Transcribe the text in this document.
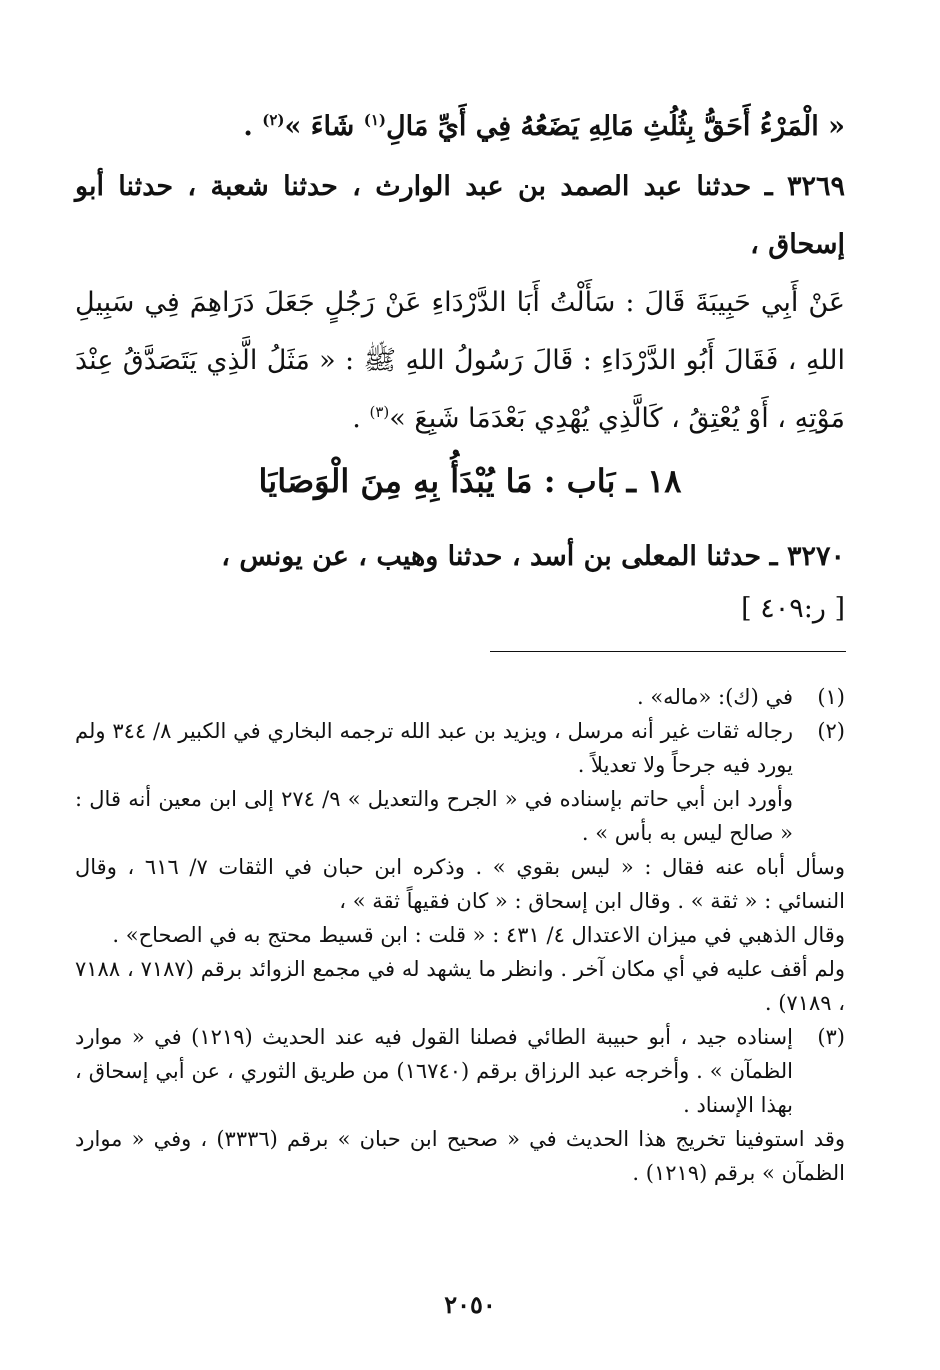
« الْمَرْءُ أَحَقُّ بِثُلُثِ مَالِهِ يَضَعُهُ فِي أَيِّ مَالِ$^{(١)}$ شَاءَ »$^{(٢)}$ .
٣٢٦٩ ـ حدثنا عبد الصمد بن عبد الوارث ، حدثنا شعبة ، حدثنا أبو إسحاق ،
عَنْ أَبِي حَبِيبَةَ قَالَ : سَأَلْتُ أَبَا الدَّرْدَاءِ عَنْ رَجُلٍ جَعَلَ دَرَاهِمَ فِي سَبِيلِ اللهِ ، فَقَالَ أَبُو الدَّرْدَاءِ : قَالَ رَسُولُ اللهِ ﷺ : « مَثَلُ الَّذِي يَتَصَدَّقُ عِنْدَ مَوْتِهِ ، أَوْ يُعْتِقُ ، كَالَّذِي يُهْدِي بَعْدَمَا شَبِعَ »$^{(٣)}$ .
١٨ ـ بَاب : مَا يُبْدَأُ بِهِ مِنَ الْوَصَايَا
٣٢٧٠ ـ حدثنا المعلى بن أسد ، حدثنا وهيب ، عن يونس ،
[ ر:٤٠٩ ]
(١)
في (ك): «ماله» .
(٢)
رجاله ثقات غير أنه مرسل ، ويزيد بن عبد الله ترجمه البخاري في الكبير ٨/ ٣٤٤ ولم يورد فيه جرحاً ولا تعديلاً .
وأورد ابن أبي حاتم بإسناده في « الجرح والتعديل » ٩/ ٢٧٤ إلى ابن معين أنه قال : « صالح ليس به بأس » .
وسأل أباه عنه فقال : « ليس بقوي » . وذكره ابن حبان في الثقات ٧/ ٦١٦ ، وقال النسائي : « ثقة » . وقال ابن إسحاق : « كان فقيهاً ثقة » ،
وقال الذهبي في ميزان الاعتدال ٤/ ٤٣١ : « قلت : ابن قسيط محتج به في الصحاح» .
ولم أقف عليه في أي مكان آخر . وانظر ما يشهد له في مجمع الزوائد برقم (٧١٨٧ ، ٧١٨٨ ، ٧١٨٩) .
(٣)
إسناده جيد ، أبو حبيبة الطائي فصلنا القول فيه عند الحديث (١٢١٩) في « موارد الظمآن » . وأخرجه عبد الرزاق برقم (١٦٧٤٠) من طريق الثوري ، عن أبي إسحاق ، بهذا الإسناد .
وقد استوفينا تخريج هذا الحديث في « صحيح ابن حبان » برقم (٣٣٣٦) ، وفي « موارد الظمآن » برقم (١٢١٩) .
٢٠٥٠
